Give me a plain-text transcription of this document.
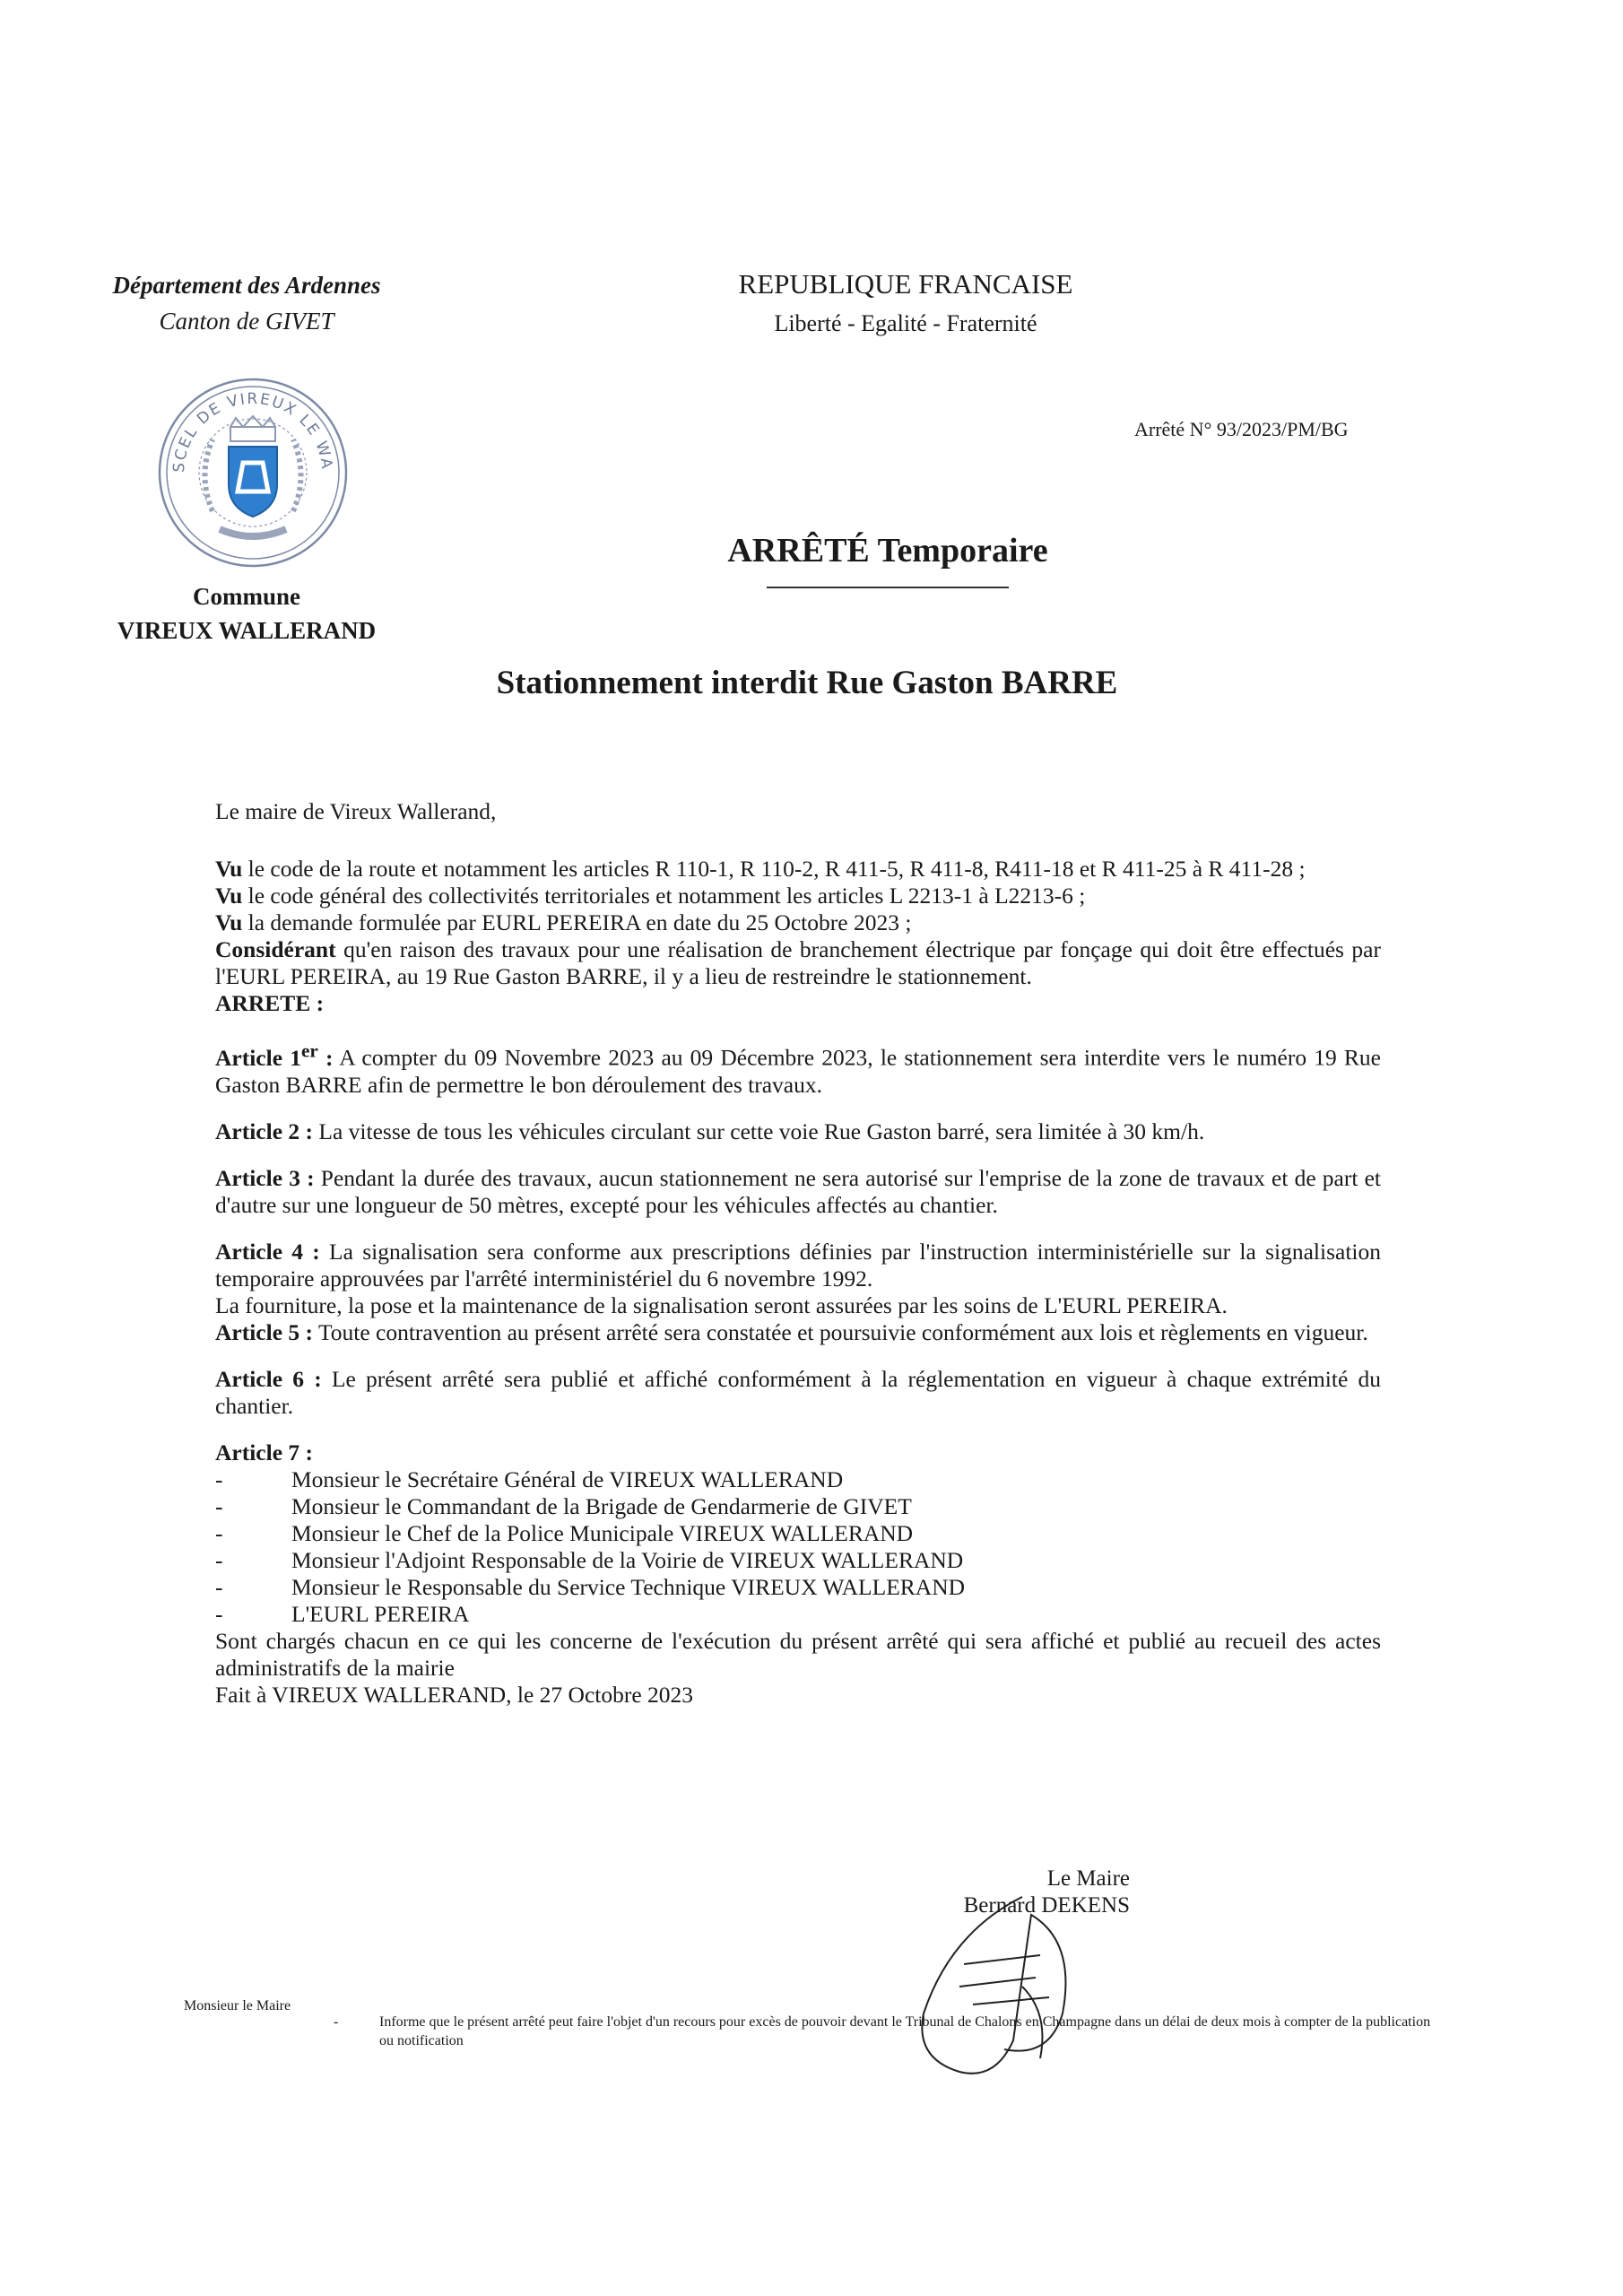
Département des Ardennes
Canton de GIVET
SCEL DE VIREUX LE WA
Commune
VIREUX WALLERAND
REPUBLIQUE FRANCAISE
Liberté - Egalité - Fraternité
Arrêté N° 93/2023/PM/BG
ARRÊTÉ Temporaire
Stationnement interdit Rue Gaston BARRE

Le maire de Vireux Wallerand,

Vu le code de la route et notamment les articles R 110-1, R 110-2, R 411-5, R 411-8, R411-18 et R 411-25 à R 411-28 ;

Vu le code général des collectivités territoriales et notamment les articles L 2213-1 à L2213-6 ;

Vu la demande formulée par EURL PEREIRA en date du 25 Octobre 2023 ;

Considérant qu'en raison des travaux pour une réalisation de branchement électrique par fonçage qui doit être effectués par l'EURL PEREIRA, au 19 Rue Gaston BARRE, il y a lieu de restreindre le stationnement.

ARRETE :

Article 1er : A compter du 09 Novembre 2023 au 09 Décembre 2023, le stationnement sera interdite vers le numéro 19 Rue Gaston BARRE afin de permettre le bon déroulement des travaux.

Article 2 : La vitesse de tous les véhicules circulant sur cette voie Rue Gaston barré, sera limitée à 30 km/h.

Article 3 : Pendant la durée des travaux, aucun stationnement ne sera autorisé sur l'emprise de la zone de travaux et de part et d'autre sur une longueur de 50 mètres, excepté pour les véhicules affectés au chantier.

Article 4 : La signalisation sera conforme aux prescriptions définies par l'instruction interministérielle sur la signalisation temporaire approuvées par l'arrêté interministériel du 6 novembre 1992.

La fourniture, la pose et la maintenance de la signalisation seront assurées par les soins de L'EURL PEREIRA.

Article 5 : Toute contravention au présent arrêté sera constatée et poursuivie conformément aux lois et règlements en vigueur.

Article 6 : Le présent arrêté sera publié et affiché conformément à la réglementation en vigueur à chaque extrémité du chantier.

Article 7 :

-	Monsieur le Secrétaire Général de VIREUX WALLERAND
-	Monsieur le Commandant de la Brigade de Gendarmerie de GIVET
-	Monsieur le Chef de la Police Municipale VIREUX WALLERAND
-	Monsieur l'Adjoint Responsable de la Voirie de VIREUX WALLERAND
-	Monsieur le Responsable du Service Technique VIREUX WALLERAND
-	L'EURL PEREIRA

Sont chargés chacun en ce qui les concerne de l'exécution du présent arrêté qui sera affiché et publié au recueil des actes administratifs de la mairie

Fait à VIREUX WALLERAND, le 27 Octobre 2023

Le Maire
Bernard DEKENS
Monsieur le Maire
-	Informe que le présent arrêté peut faire l'objet d'un recours pour excès de pouvoir devant le Tribunal de Chalons en Champagne dans un délai de deux mois à compter de la publication ou notification
